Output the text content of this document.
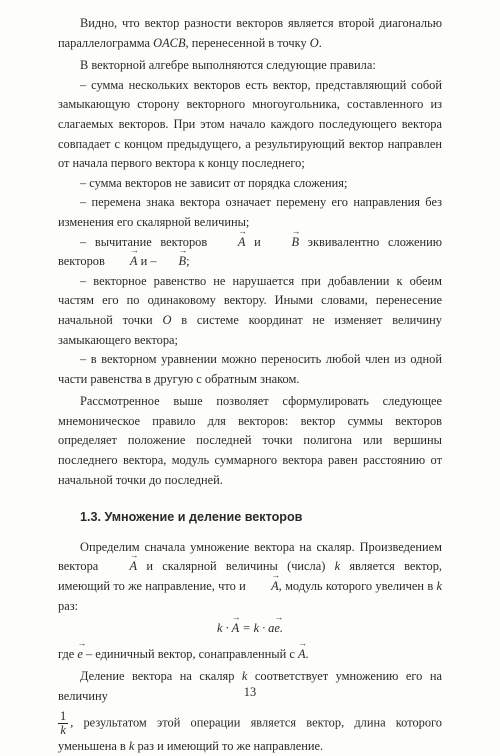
Видно, что вектор разности векторов является второй диагональю параллелограмма OACB, перенесенной в точку O.

В векторной алгебре выполняются следующие правила:

– сумма нескольких векторов есть вектор, представляющий собой замыкающую сторону векторного многоугольника, составленного из слагаемых векторов. При этом начало каждого последующего вектора совпадает с концом предыдущего, а результирующий вектор направлен от начала первого вектора к концу последнего;

– сумма векторов не зависит от порядка сложения;

– перемена знака вектора означает перемену его направления без изменения его скалярной величины;

– вычитание векторов → A и → B эквивалентно сложению векторов → A и – → B;

– векторное равенство не нарушается при добавлении к обеим частям его по одинаковому вектору. Иными словами, перенесение начальной точки O в системе координат не изменяет величину замыкающего вектора;

– в векторном уравнении можно переносить любой член из одной части равенства в другую с обратным знаком.

Рассмотренное выше позволяет сформулировать следующее мнемоническое правило для векторов: вектор суммы векторов определяет положение последней точки полигона или вершины последнего вектора, модуль суммарного вектора равен расстоянию от начальной точки до последней.

1.3. Умножение и деление векторов

Определим сначала умножение вектора на скаляр. Произведением вектора → A и скалярной величины (числа) k является вектор, имеющий то же направление, что и → A, модуль которого увеличен в k раз:

k · → A = k · a→ e.

где → e – единичный вектор, сонаправленный с → A.

Деление вектора на скаляр k соответствует умножению его на величину

$\frac{1}{k}$ , результатом этой операции является вектор, длина которого уменьшена в k раз и имеющий то же направление.

13
